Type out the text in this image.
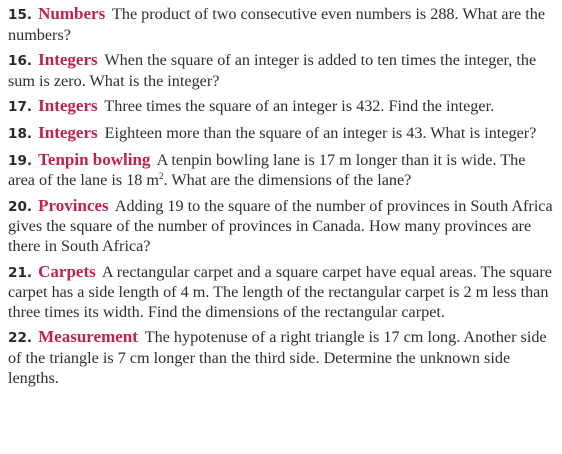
15. Numbers The product of two consecutive even numbers is 288. What are the numbers?

16. Integers When the square of an integer is added to ten times the integer, the sum is zero. What is the integer?

17. Integers Three times the square of an integer is 432. Find the integer.

18. Integers Eighteen more than the square of an integer is 43. What is integer?

19. Tenpin bowling A tenpin bowling lane is 17 m longer than it is wide. The area of the lane is 18 $m^2$. What are the dimensions of the lane?

20. Provinces Adding 19 to the square of the number of provinces in South Africa gives the square of the number of provinces in Canada. How many provinces are there in South Africa?

21. Carpets A rectangular carpet and a square carpet have equal areas. The square carpet has a side length of 4 m. The length of the rectangular carpet is 2 m less than three times its width. Find the dimensions of the rectangular carpet.

22. Measurement The hypotenuse of a right triangle is 17 cm long. Another side of the triangle is 7 cm longer than the third side. Determine the unknown side lengths.
